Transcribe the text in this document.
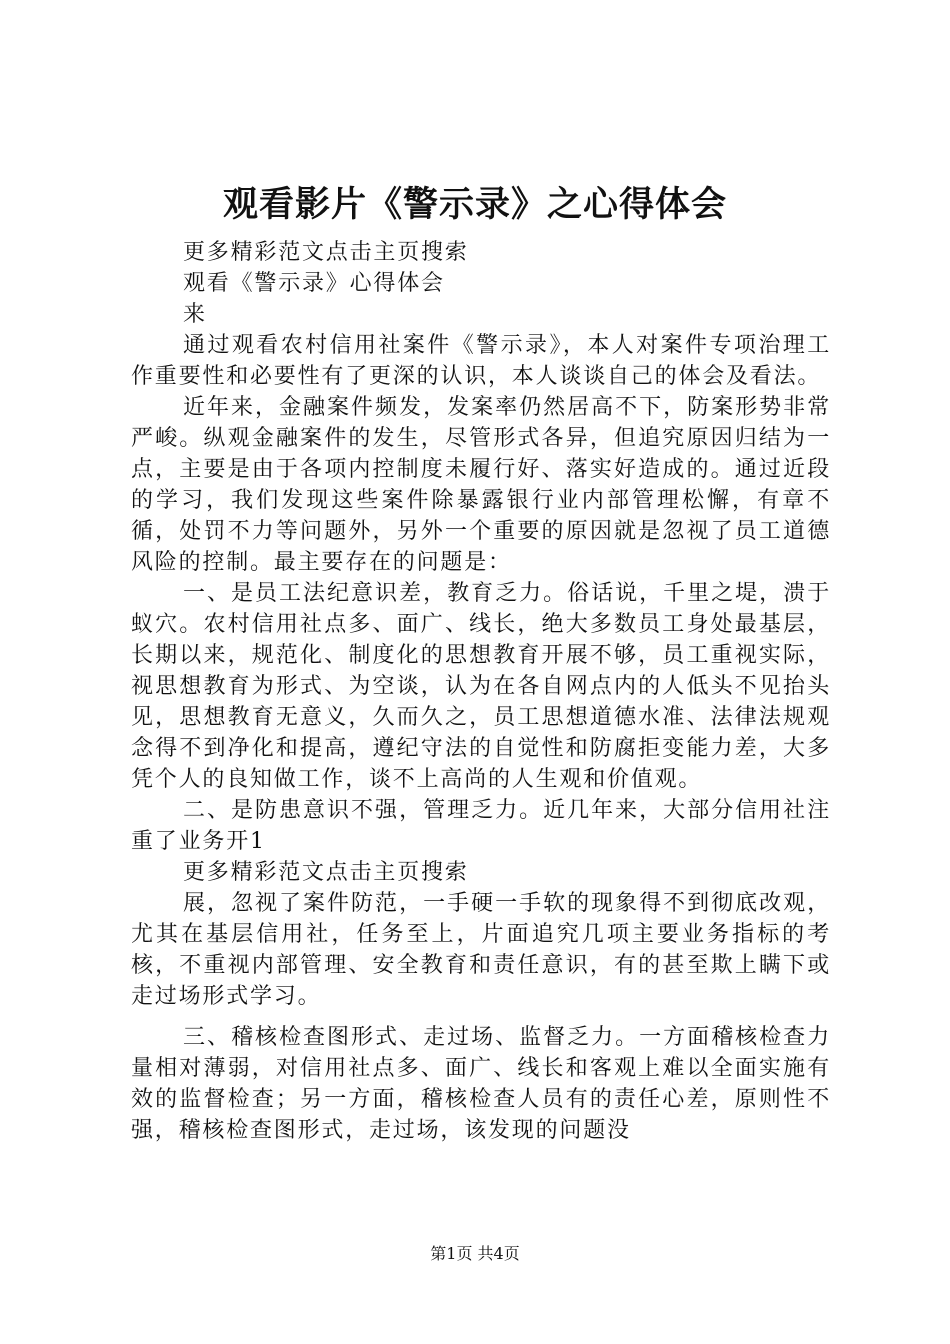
观看影片《警示录》之心得体会

更多精彩范文点击主页搜索

观看《警示录》心得体会

来

通过观看农村信用社案件《警示录》，本人对案件专项治理工作重要性和必要性有了更深的认识，本人谈谈自己的体会及看法。

近年来，金融案件频发，发案率仍然居高不下，防案形势非常严峻。纵观金融案件的发生，尽管形式各异，但追究原因归结为一点，主要是由于各项内控制度未履行好、落实好造成的。通过近段的学习，我们发现这些案件除暴露银行业内部管理松懈，有章不循，处罚不力等问题外，另外一个重要的原因就是忽视了员工道德风险的控制。最主要存在的问题是：

一、是员工法纪意识差，教育乏力。俗话说，千里之堤，溃于蚁穴。农村信用社点多、面广、线长，绝大多数员工身处最基层，长期以来，规范化、制度化的思想教育开展不够，员工重视实际，视思想教育为形式、为空谈，认为在各自网点内的人低头不见抬头见，思想教育无意义，久而久之，员工思想道德水准、法律法规观念得不到净化和提高，遵纪守法的自觉性和防腐拒变能力差，大多凭个人的良知做工作，谈不上高尚的人生观和价值观。

二、是防患意识不强，管理乏力。近几年来，大部分信用社注重了业务开1

更多精彩范文点击主页搜索

展，忽视了案件防范，一手硬一手软的现象得不到彻底改观，尤其在基层信用社，任务至上，片面追究几项主要业务指标的考核，不重视内部管理、安全教育和责任意识，有的甚至欺上瞒下或走过场形式学习。

三、稽核检查图形式、走过场、监督乏力。一方面稽核检查力量相对薄弱，对信用社点多、面广、线长和客观上难以全面实施有效的监督检查；另一方面，稽核检查人员有的责任心差，原则性不强，稽核检查图形式，走过场，该发现的问题没

第1页 共4页
